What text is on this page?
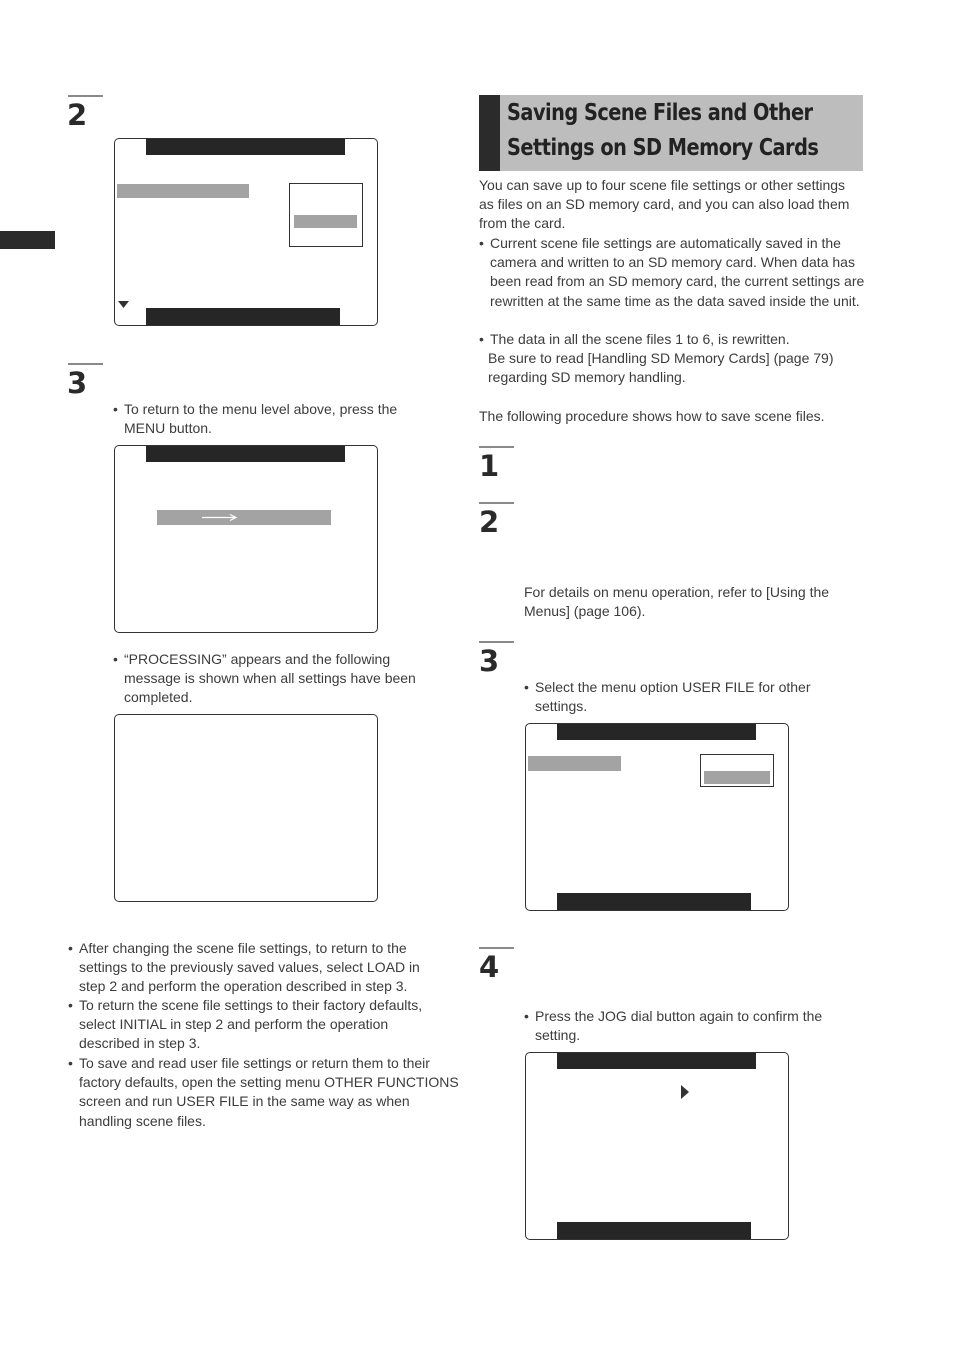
2
3
• To return to the menu level above, press the MENU button.
• “PROCESSING” appears and the following message is shown when all settings have been completed.
• After changing the scene file settings, to return to the settings to the previously saved values, select LOAD in step 2 and perform the operation described in step 3.
• To return the scene file settings to their factory defaults, select INITIAL in step 2 and perform the operation described in step 3.
• To save and read user file settings or return them to their factory defaults, open the setting menu OTHER FUNCTIONS screen and run USER FILE in the same way as when handling scene files.
Saving Scene Files and Other
Settings on SD Memory Cards
You can save up to four scene file settings or other settings as files on an SD memory card, and you can also load them from the card.
• Current scene file settings are automatically saved in the camera and written to an SD memory card. When data has been read from an SD memory card, the current settings are rewritten at the same time as the data saved inside the unit.
• The data in all the scene files 1 to 6, is rewritten.
Be sure to read [Handling SD Memory Cards] (page 79) regarding SD memory handling.
The following procedure shows how to save scene files.
1
2
For details on menu operation, refer to [Using the Menus] (page 106).
3
• Select the menu option USER FILE for other settings.
4
• Press the JOG dial button again to confirm the setting.
